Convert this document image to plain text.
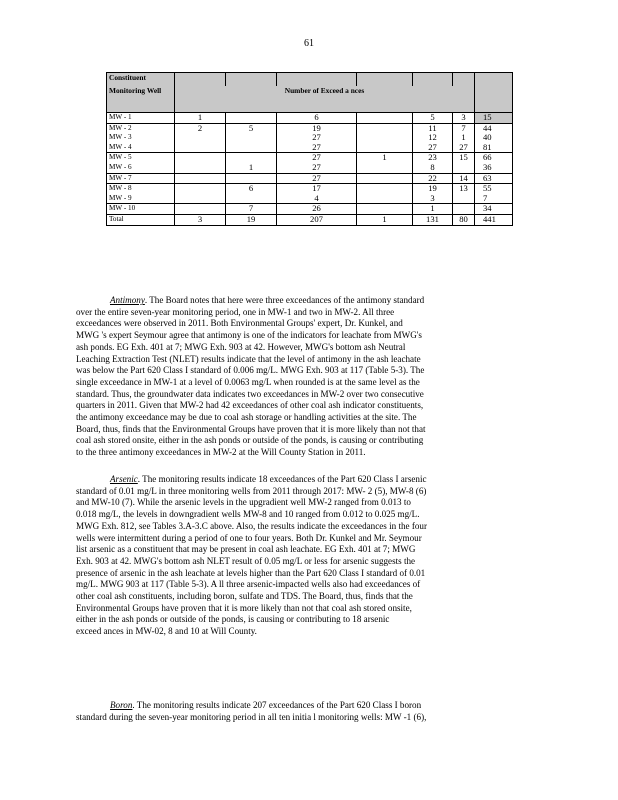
61
Constituent							
Monitoring Well	Number of Exceed a nces						
MW - 1	1		6		5	3	15
MW - 2	2	5	19		11	7	44
MW - 3			27		12	1	40
MW - 4			27		27	27	81
MW - 5			27	1	23	15	66
MW - 6		1	27		8		36
MW - 7			27		22	14	63
MW - 8		6	17		19	13	55
MW - 9			4		3		7
MW - 10		7	26		1		34
Total	3	19	207	1	131	80	441

Antimony. The Board notes that here were three exceedances of the antimony standard

over the entire seven-year monitoring period, one in MW-1 and two in MW-2. All three

exceedances were observed in 2011. Both Environmental Groups' expert, Dr. Kunkel, and

MWG 's expert Seymour agree that antimony is one of the indicators for leachate from MWG's

ash ponds. EG Exh. 401 at 7; MWG Exh. 903 at 42. However, MWG's bottom ash Neutral

Leaching Extraction Test (NLET) results indicate that the level of antimony in the ash leachate

was below the Part 620 Class I standard of 0.006 mg/L. MWG Exh. 903 at 117 (Table 5-3). The

single exceedance in MW-1 at a level of 0.0063 mg/L when rounded is at the same level as the

standard. Thus, the groundwater data indicates two exceedances in MW-2 over two consecutive

quarters in 2011. Given that MW-2 had 42 exceedances of other coal ash indicator constituents,

the antimony exceedance may be due to coal ash storage or handling activities at the site. The

Board, thus, finds that the Environmental Groups have proven that it is more likely than not that

coal ash stored onsite, either in the ash ponds or outside of the ponds, is causing or contributing

to the three antimony exceedances in MW-2 at the Will County Station in 2011.

Arsenic. The monitoring results indicate 18 exceedances of the Part 620 Class I arsenic

standard of 0.01 mg/L in three monitoring wells from 2011 through 2017: MW- 2 (5), MW-8 (6)

and MW-10 (7). While the arsenic levels in the upgradient well MW-2 ranged from 0.013 to

0.018 mg/L, the levels in downgradient wells MW-8 and 10 ranged from 0.012 to 0.025 mg/L.

MWG Exh. 812, see Tables 3.A-3.C above. Also, the results indicate the exceedances in the four

wells were intermittent during a period of one to four years. Both Dr. Kunkel and Mr. Seymour

list arsenic as a constituent that may be present in coal ash leachate. EG Exh. 401 at 7; MWG

Exh. 903 at 42. MWG's bottom ash NLET result of 0.05 mg/L or less for arsenic suggests the

presence of arsenic in the ash leachate at levels higher than the Part 620 Class I standard of 0.01

mg/L. MWG 903 at 117 (Table 5-3). A ll three arsenic-impacted wells also had exceedances of

other coal ash constituents, including boron, sulfate and TDS. The Board, thus, finds that the

Environmental Groups have proven that it is more likely than not that coal ash stored onsite,

either in the ash ponds or outside of the ponds, is causing or contributing to 18 arsenic

exceed ances in MW-02, 8 and 10 at Will County.

Boron. The monitoring results indicate 207 exceedances of the Part 620 Class I boron

standard during the seven-year monitoring period in all ten initia l monitoring wells: MW -1 (6),
